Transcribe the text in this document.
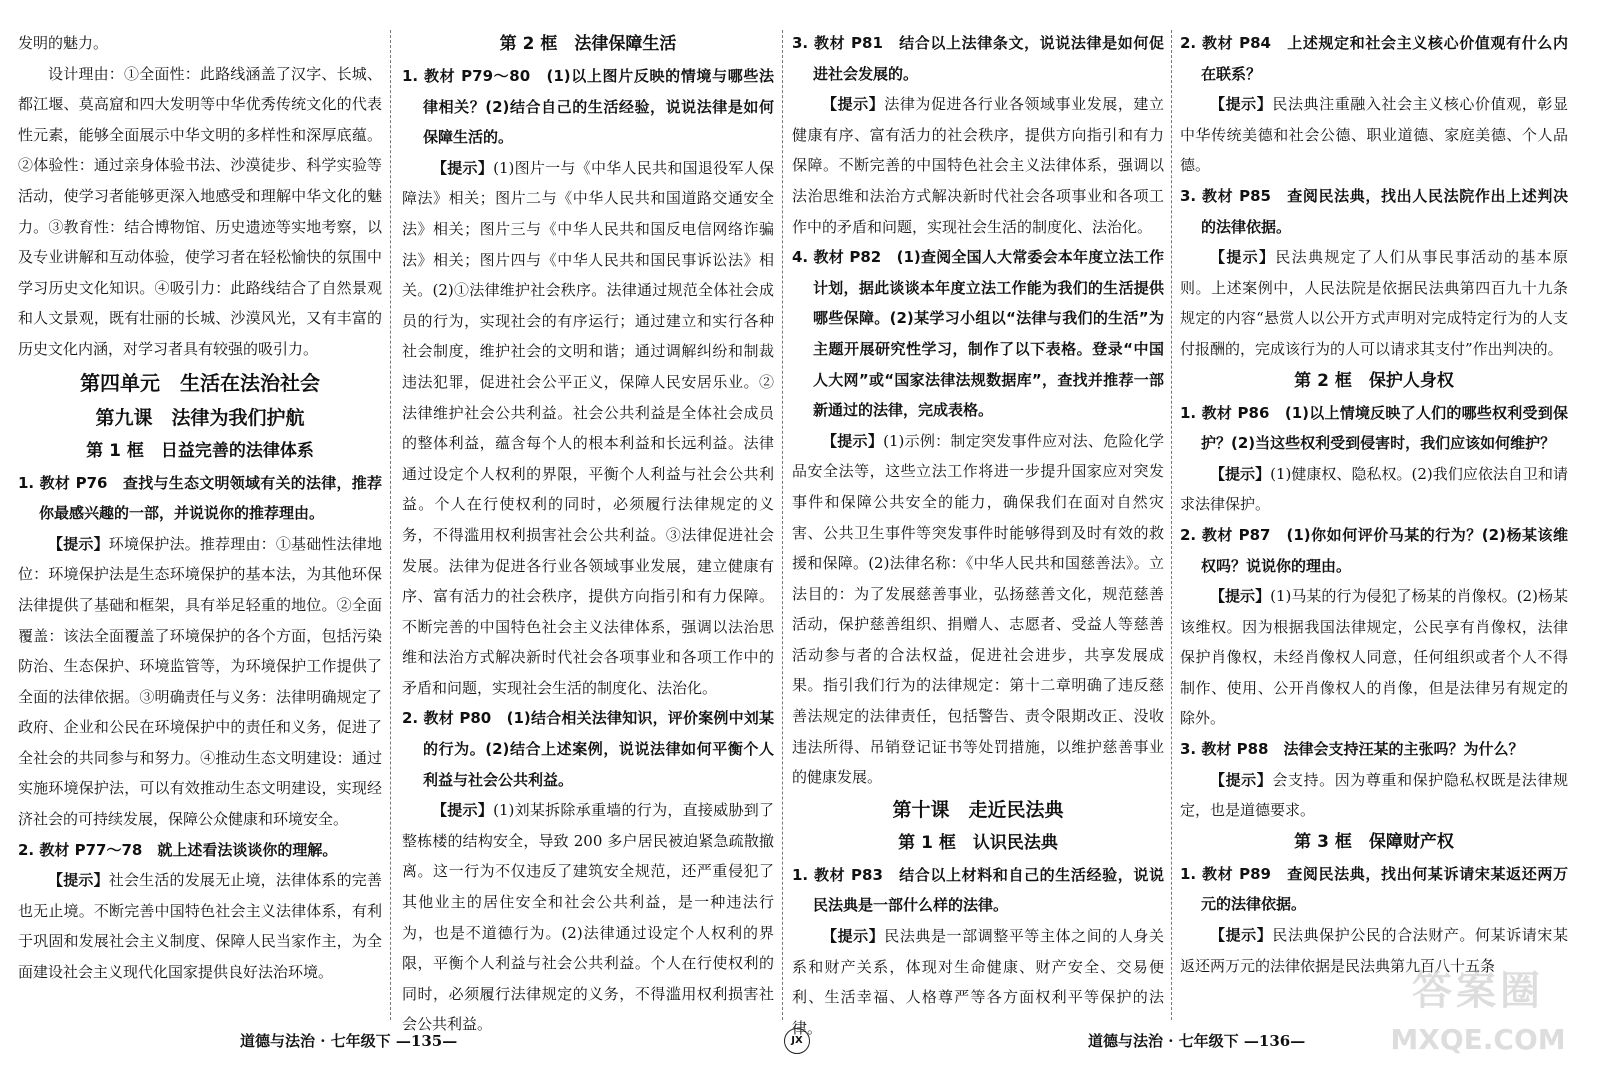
发明的魅力。

设计理由：①全面性：此路线涵盖了汉字、长城、都江堰、莫高窟和四大发明等中华优秀传统文化的代表性元素，能够全面展示中华文明的多样性和深厚底蕴。②体验性：通过亲身体验书法、沙漠徒步、科学实验等活动，使学习者能够更深入地感受和理解中华文化的魅力。③教育性：结合博物馆、历史遗迹等实地考察，以及专业讲解和互动体验，使学习者在轻松愉快的氛围中学习历史文化知识。④吸引力：此路线结合了自然景观和人文景观，既有壮丽的长城、沙漠风光，又有丰富的历史文化内涵，对学习者具有较强的吸引力。

第四单元　生活在法治社会

第九课　法律为我们护航

第 1 框　日益完善的法律体系

1. 教材 P76　查找与生态文明领域有关的法律，推荐你最感兴趣的一部，并说说你的推荐理由。

【提示】环境保护法。推荐理由：①基础性法律地位：环境保护法是生态环境保护的基本法，为其他环保法律提供了基础和框架，具有举足轻重的地位。②全面覆盖：该法全面覆盖了环境保护的各个方面，包括污染防治、生态保护、环境监管等，为环境保护工作提供了全面的法律依据。③明确责任与义务：法律明确规定了政府、企业和公民在环境保护中的责任和义务，促进了全社会的共同参与和努力。④推动生态文明建设：通过实施环境保护法，可以有效推动生态文明建设，实现经济社会的可持续发展，保障公众健康和环境安全。

2. 教材 P77～78　就上述看法谈谈你的理解。

【提示】社会生活的发展无止境，法律体系的完善也无止境。不断完善中国特色社会主义法律体系，有利于巩固和发展社会主义制度、保障人民当家作主，为全面建设社会主义现代化国家提供良好法治环境。

第 2 框　法律保障生活

1. 教材 P79～80　(1)以上图片反映的情境与哪些法律相关？(2)结合自己的生活经验，说说法律是如何保障生活的。

【提示】(1)图片一与《中华人民共和国退役军人保障法》相关；图片二与《中华人民共和国道路交通安全法》相关；图片三与《中华人民共和国反电信网络诈骗法》相关；图片四与《中华人民共和国民事诉讼法》相关。(2)①法律维护社会秩序。法律通过规范全体社会成员的行为，实现社会的有序运行；通过建立和实行各种社会制度，维护社会的文明和谐；通过调解纠纷和制裁违法犯罪，促进社会公平正义，保障人民安居乐业。②法律维护社会公共利益。社会公共利益是全体社会成员的整体利益，蕴含每个人的根本利益和长远利益。法律通过设定个人权利的界限，平衡个人利益与社会公共利益。个人在行使权利的同时，必须履行法律规定的义务，不得滥用权利损害社会公共利益。③法律促进社会发展。法律为促进各行业各领域事业发展，建立健康有序、富有活力的社会秩序，提供方向指引和有力保障。不断完善的中国特色社会主义法律体系，强调以法治思维和法治方式解决新时代社会各项事业和各项工作中的矛盾和问题，实现社会生活的制度化、法治化。

2. 教材 P80　(1)结合相关法律知识，评价案例中刘某的行为。(2)结合上述案例，说说法律如何平衡个人利益与社会公共利益。

【提示】(1)刘某拆除承重墙的行为，直接威胁到了整栋楼的结构安全，导致 200 多户居民被迫紧急疏散撤离。这一行为不仅违反了建筑安全规范，还严重侵犯了其他业主的居住安全和社会公共利益，是一种违法行为，也是不道德行为。(2)法律通过设定个人权利的界限，平衡个人利益与社会公共利益。个人在行使权利的同时，必须履行法律规定的义务，不得滥用权利损害社会公共利益。

3. 教材 P81　结合以上法律条文，说说法律是如何促进社会发展的。

【提示】法律为促进各行业各领域事业发展，建立健康有序、富有活力的社会秩序，提供方向指引和有力保障。不断完善的中国特色社会主义法律体系，强调以法治思维和法治方式解决新时代社会各项事业和各项工作中的矛盾和问题，实现社会生活的制度化、法治化。

4. 教材 P82　(1)查阅全国人大常委会本年度立法工作计划，据此谈谈本年度立法工作能为我们的生活提供哪些保障。(2)某学习小组以“法律与我们的生活”为主题开展研究性学习，制作了以下表格。登录“中国人大网”或“国家法律法规数据库”，查找并推荐一部新通过的法律，完成表格。

【提示】(1)示例：制定突发事件应对法、危险化学品安全法等，这些立法工作将进一步提升国家应对突发事件和保障公共安全的能力，确保我们在面对自然灾害、公共卫生事件等突发事件时能够得到及时有效的救援和保障。(2)法律名称：《中华人民共和国慈善法》。立法目的：为了发展慈善事业，弘扬慈善文化，规范慈善活动，保护慈善组织、捐赠人、志愿者、受益人等慈善活动参与者的合法权益，促进社会进步，共享发展成果。指引我们行为的法律规定：第十二章明确了违反慈善法规定的法律责任，包括警告、责令限期改正、没收违法所得、吊销登记证书等处罚措施，以维护慈善事业的健康发展。

第十课　走近民法典

第 1 框　认识民法典

1. 教材 P83　结合以上材料和自己的生活经验，说说民法典是一部什么样的法律。

【提示】民法典是一部调整平等主体之间的人身关系和财产关系，体现对生命健康、财产安全、交易便利、生活幸福、人格尊严等各方面权利平等保护的法律。

2. 教材 P84　上述规定和社会主义核心价值观有什么内在联系？

【提示】民法典注重融入社会主义核心价值观，彰显中华传统美德和社会公德、职业道德、家庭美德、个人品德。

3. 教材 P85　查阅民法典，找出人民法院作出上述判决的法律依据。

【提示】民法典规定了人们从事民事活动的基本原则。上述案例中，人民法院是依据民法典第四百九十九条规定的内容“悬赏人以公开方式声明对完成特定行为的人支付报酬的，完成该行为的人可以请求其支付”作出判决的。

第 2 框　保护人身权

1. 教材 P86　(1)以上情境反映了人们的哪些权利受到保护？(2)当这些权利受到侵害时，我们应该如何维护？

【提示】(1)健康权、隐私权。(2)我们应依法自卫和请求法律保护。

2. 教材 P87　(1)你如何评价马某的行为？(2)杨某该维权吗？说说你的理由。

【提示】(1)马某的行为侵犯了杨某的肖像权。(2)杨某该维权。因为根据我国法律规定，公民享有肖像权，法律保护肖像权，未经肖像权人同意，任何组织或者个人不得制作、使用、公开肖像权人的肖像，但是法律另有规定的除外。

3. 教材 P88　法律会支持汪某的主张吗？为什么？

【提示】会支持。因为尊重和保护隐私权既是法律规定，也是道德要求。

第 3 框　保障财产权

1. 教材 P89　查阅民法典，找出何某诉请宋某返还两万元的法律依据。

【提示】民法典保护公民的合法财产。何某诉请宋某返还两万元的法律依据是民法典第九百八十五条

道德与法治 · 七年级下 —135—	JX	道德与法治 · 七年级下 —136—
答案圈
MXQE.COM
